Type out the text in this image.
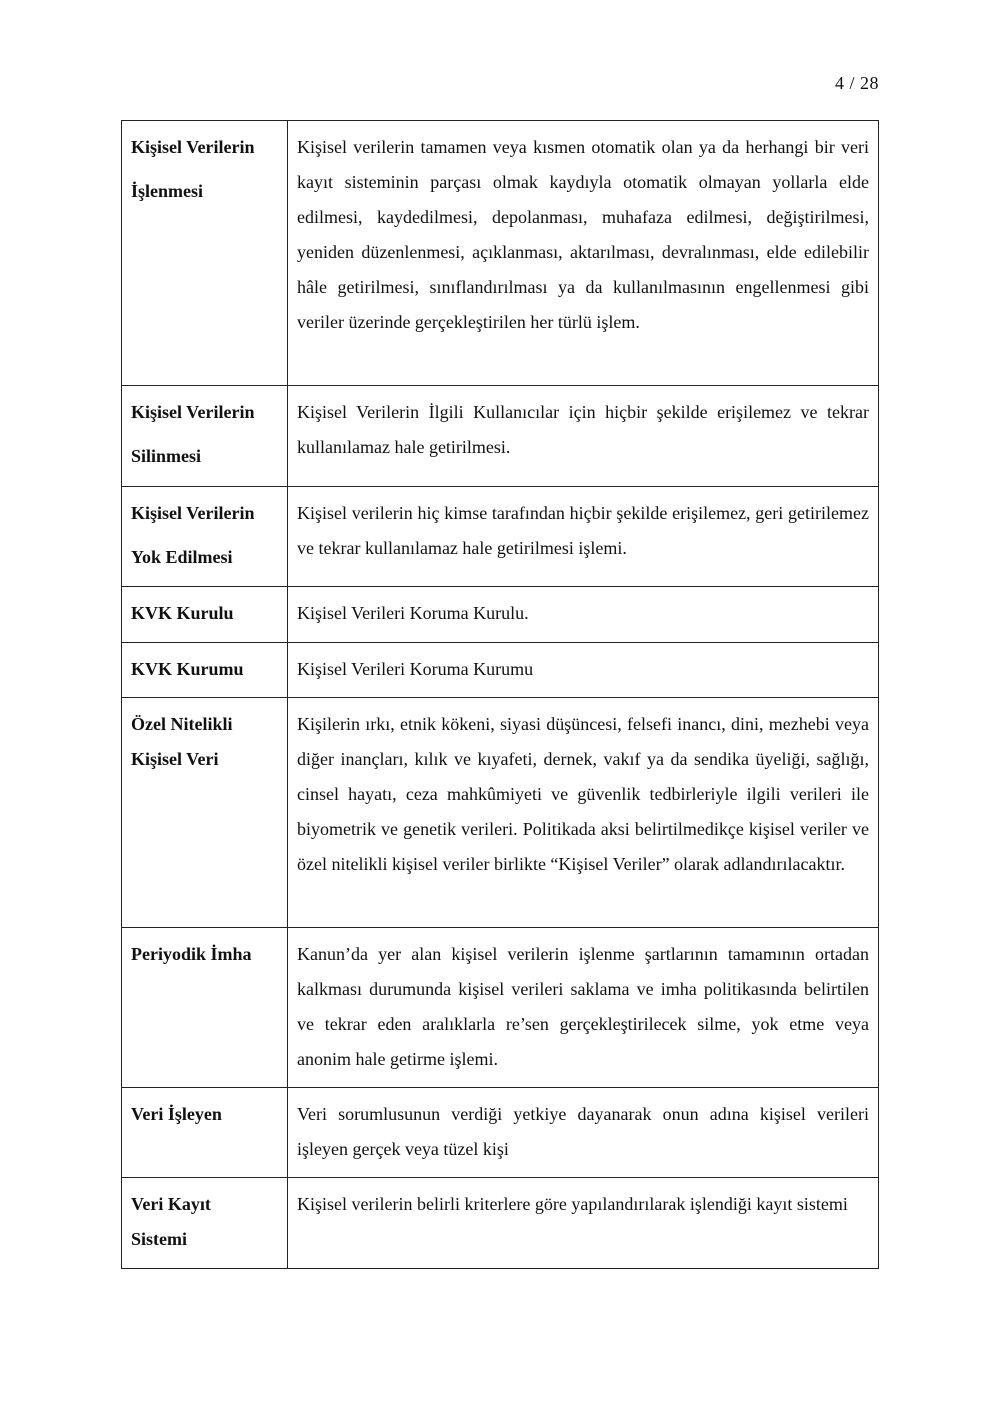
4 / 28
Kişisel Verilerin
İşlenmesi	Kişisel verilerin tamamen veya kısmen otomatik olan ya da herhangi bir veri kayıt sisteminin parçası olmak kaydıyla otomatik olmayan yollarla elde edilmesi, kaydedilmesi, depolanması, muhafaza edilmesi, değiştirilmesi, yeniden düzenlenmesi, açıklanması, aktarılması, devralınması, elde edilebilir hâle getirilmesi, sınıflandırılması ya da kullanılmasının engellenmesi gibi veriler üzerinde gerçekleştirilen her türlü işlem.

Kişisel Verilerin
Silinmesi	Kişisel Verilerin İlgili Kullanıcılar için hiçbir şekilde erişilemez ve tekrar kullanılamaz hale getirilmesi.

Kişisel Verilerin
Yok Edilmesi	Kişisel verilerin hiç kimse tarafından hiçbir şekilde erişilemez, geri getirilemez ve tekrar kullanılamaz hale getirilmesi işlemi.

KVK Kurulu	Kişisel Verileri Koruma Kurulu.

KVK Kurumu	Kişisel Verileri Koruma Kurumu

Özel Nitelikli
Kişisel Veri	Kişilerin ırkı, etnik kökeni, siyasi düşüncesi, felsefi inancı, dini, mezhebi veya diğer inançları, kılık ve kıyafeti, dernek, vakıf ya da sendika üyeliği, sağlığı, cinsel hayatı, ceza mahkûmiyeti ve güvenlik tedbirleriyle ilgili verileri ile biyometrik ve genetik verileri. Politikada aksi belirtilmedikçe kişisel veriler ve özel nitelikli kişisel veriler birlikte “Kişisel Veriler” olarak adlandırılacaktır.

Periyodik İmha	Kanun’da yer alan kişisel verilerin işlenme şartlarının tamamının ortadan kalkması durumunda kişisel verileri saklama ve imha politikasında belirtilen ve tekrar eden aralıklarla re’sen gerçekleştirilecek silme, yok etme veya anonim hale getirme işlemi.

Veri İşleyen	Veri sorumlusunun verdiği yetkiye dayanarak onun adına kişisel verileri işleyen gerçek veya tüzel kişi

Veri Kayıt
Sistemi	Kişisel verilerin belirli kriterlere göre yapılandırılarak işlendiği kayıt sistemi
